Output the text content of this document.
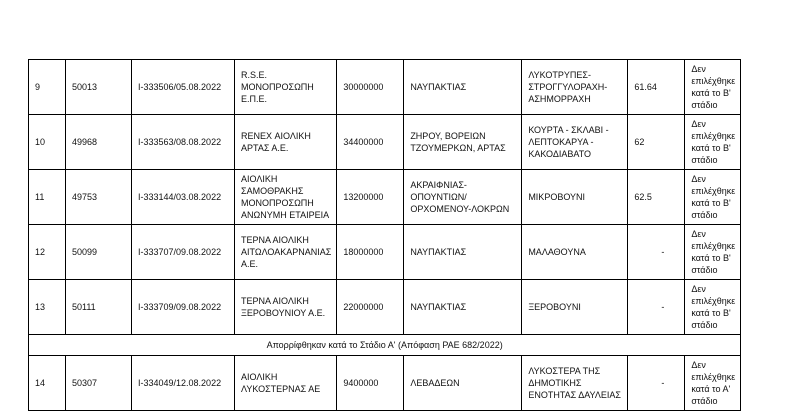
9	50013	Ι-333506/05.08.2022	R.S.E. ΜΟΝΟΠΡΟΣΩΠΗ Ε.Π.Ε.	30000000	ΝΑΥΠΑΚΤΙΑΣ	ΛΥΚΟΤΡΥΠΕΣ-ΣΤΡΟΓΓΥΛΟΡΑΧΗ-ΑΣΗΜΟΡΡΑΧΗ	61.64	Δεν επιλέχθηκε κατά το Β' στάδιο
10	49968	Ι-333563/08.08.2022	RENEX ΑΙΟΛΙΚΗ ΑΡΤΑΣ Α.Ε.	34400000	ΖΗΡΟΥ, ΒΟΡΕΙΩΝ ΤΖΟΥΜΕΡΚΩΝ, ΑΡΤΑΣ	ΚΟΥΡΤΑ - ΣΚΛΑΒΙ - ΛΕΠΤΟΚΑΡΥΑ - ΚΑΚΟΔΙΑΒΑΤΟ	62	Δεν επιλέχθηκε κατά το Β' στάδιο
11	49753	Ι-333144/03.08.2022	ΑΙΟΛΙΚΗ ΣΑΜΟΘΡΑΚΗΣ ΜΟΝΟΠΡΟΣΩΠΗ ΑΝΩΝΥΜΗ ΕΤΑΙΡΕΙΑ	13200000	ΑΚΡΑΙΦΝΙΑΣ-ΟΠΟΥΝΤΙΩΝ/ΟΡΧΟΜΕΝΟΥ-ΛΟΚΡΩΝ	ΜΙΚΡΟΒΟΥΝΙ	62.5	Δεν επιλέχθηκε κατά το Β' στάδιο
12	50099	Ι-333707/09.08.2022	ΤΕΡΝΑ ΑΙΟΛΙΚΗ ΑΙΤΩΛΟΑΚΑΡΝΑΝΙΑΣ Α.Ε.	18000000	ΝΑΥΠΑΚΤΙΑΣ	ΜΑΛΑΘΟΥΝΑ	-	Δεν επιλέχθηκε κατά το Β' στάδιο
13	50111	Ι-333709/09.08.2022	ΤΕΡΝΑ ΑΙΟΛΙΚΗ ΞΕΡΟΒΟΥΝΙΟΥ Α.Ε.	22000000	ΝΑΥΠΑΚΤΙΑΣ	ΞΕΡΟΒΟΥΝΙ	-	Δεν επιλέχθηκε κατά το Β' στάδιο
Απορρίφθηκαν κατά το Στάδιο Α' (Απόφαση ΡΑΕ 682/2022)								
14	50307	Ι-334049/12.08.2022	ΑΙΟΛΙΚΗ ΛΥΚΟΣΤΕΡΝΑΣ ΑΕ	9400000	ΛΕΒΑΔΕΩΝ	ΛΥΚΟΣΤΕΡΑ ΤΗΣ ΔΗΜΟΤΙΚΗΣ ΕΝΟΤΗΤΑΣ ΔΑΥΛΕΙΑΣ	-	Δεν επιλέχθηκε κατά το Α' στάδιο
